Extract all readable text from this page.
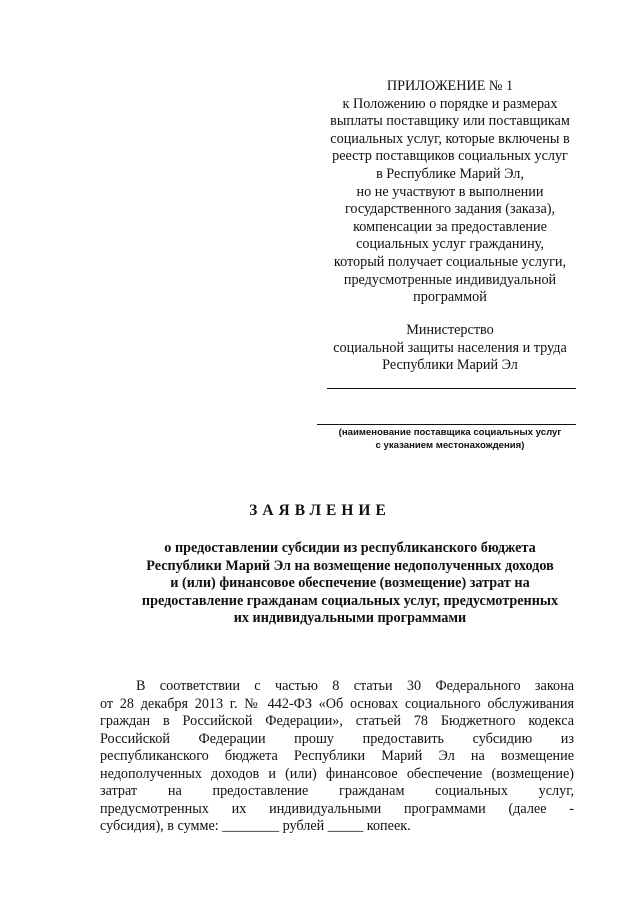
ПРИЛОЖЕНИЕ № 1
к Положению о порядке и размерах
выплаты поставщику или поставщикам
социальных услуг, которые включены в
реестр поставщиков социальных услуг
в Республике Марий Эл,
но не участвуют в выполнении
государственного задания (заказа),
компенсации за предоставление
социальных услуг гражданину,
который получает социальные услуги,
предусмотренные индивидуальной
программой
Министерство
социальной защиты населения и труда
Республики Марий Эл
(наименование поставщика социальных услуг
с указанием местонахождения)
ЗАЯВЛЕНИЕ
о предоставлении субсидии из республиканского бюджета
Республики Марий Эл на возмещение недополученных доходов
и (или) финансовое обеспечение (возмещение) затрат на
предоставление гражданам социальных услуг, предусмотренных
их индивидуальными программами
В соответствии с частью 8 статьи 30 Федерального закона
от 28 декабря 2013 г. № 442-ФЗ «Об основах социального обслуживания
граждан в Российской Федерации», статьей 78 Бюджетного кодекса
Российской Федерации прошу предоставить субсидию из
республиканского бюджета Республики Марий Эл на возмещение
недополученных доходов и (или) финансовое обеспечение (возмещение)
затрат на предоставление гражданам социальных услуг,
предусмотренных их индивидуальными программами (далее -
субсидия), в сумме: ________ рублей _____ копеек.
